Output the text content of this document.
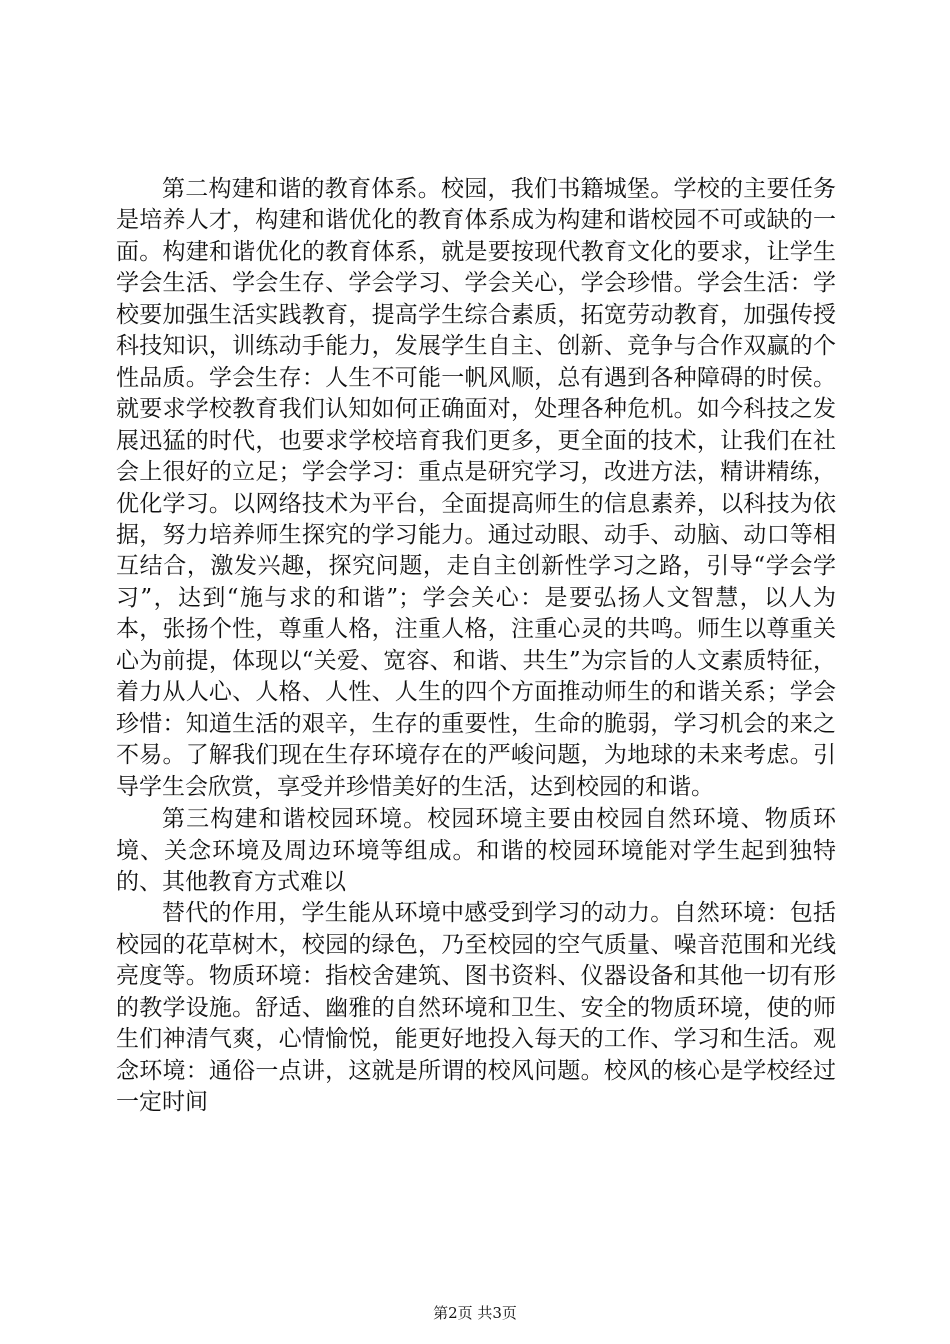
第二构建和谐的教育体系。校园，我们书籍城堡。学校的主要任务是培养人才，构建和谐优化的教育体系成为构建和谐校园不可或缺的一面。构建和谐优化的教育体系，就是要按现代教育文化的要求，让学生学会生活、学会生存、学会学习、学会关心，学会珍惜。学会生活：学校要加强生活实践教育，提高学生综合素质，拓宽劳动教育，加强传授科技知识，训练动手能力，发展学生自主、创新、竞争与合作双赢的个性品质。学会生存：人生不可能一帆风顺，总有遇到各种障碍的时侯。就要求学校教育我们认知如何正确面对，处理各种危机。如今科技之发展迅猛的时代，也要求学校培育我们更多，更全面的技术，让我们在社会上很好的立足；学会学习：重点是研究学习，改进方法，精讲精练，优化学习。以网络技术为平台，全面提高师生的信息素养，以科技为依据，努力培养师生探究的学习能力。通过动眼、动手、动脑、动口等相互结合，激发兴趣，探究问题，走自主创新性学习之路，引导“学会学习”，达到“施与求的和谐”；学会关心：是要弘扬人文智慧，以人为本，张扬个性，尊重人格，注重人格，注重心灵的共鸣。师生以尊重关心为前提，体现以“关爱、宽容、和谐、共生”为宗旨的人文素质特征，着力从人心、人格、人性、人生的四个方面推动师生的和谐关系；学会珍惜：知道生活的艰辛，生存的重要性，生命的脆弱，学习机会的来之不易。了解我们现在生存环境存在的严峻问题，为地球的未来考虑。引导学生会欣赏，享受并珍惜美好的生活，达到校园的和谐。

第三构建和谐校园环境。校园环境主要由校园自然环境、物质环境、关念环境及周边环境等组成。和谐的校园环境能对学生起到独特的、其他教育方式难以

替代的作用，学生能从环境中感受到学习的动力。自然环境：包括校园的花草树木，校园的绿色，乃至校园的空气质量、噪音范围和光线亮度等。物质环境：指校舍建筑、图书资料、仪器设备和其他一切有形的教学设施。舒适、幽雅的自然环境和卫生、安全的物质环境，使的师生们神清气爽，心情愉悦，能更好地投入每天的工作、学习和生活。观念环境：通俗一点讲，这就是所谓的校风问题。校风的核心是学校经过一定时间

第2页 共3页
